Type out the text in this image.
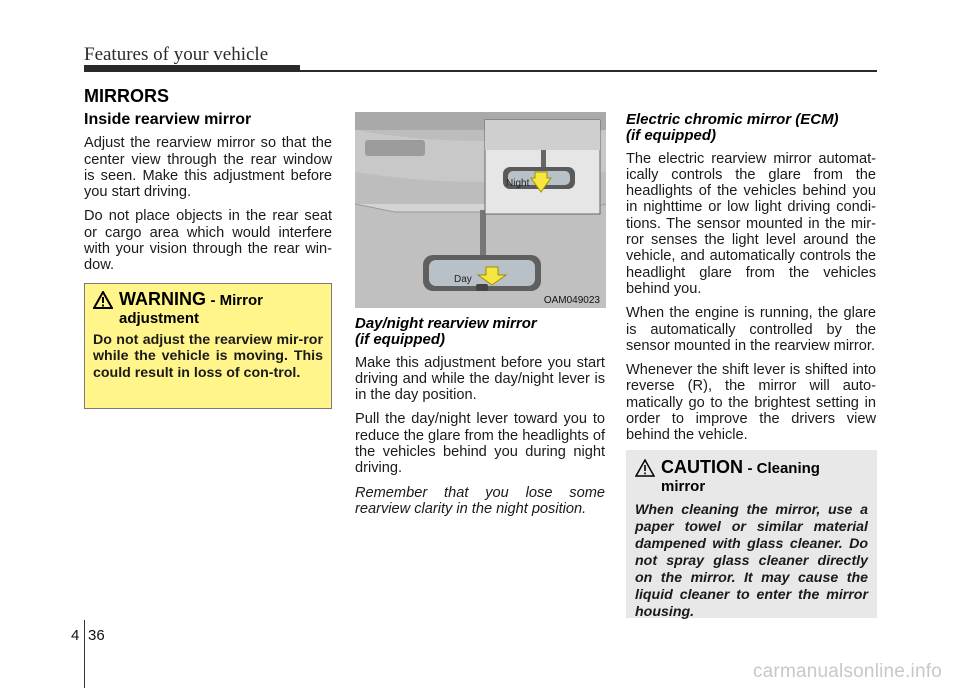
Features of your vehicle
MIRRORS
Inside rearview mirror

Adjust the rearview mirror so that the center view through the rear window is seen. Make this adjustment before you start driving.

Do not place objects in the rear seat or cargo area which would interfere with your vision through the rear win-dow.

WARNING - Mirror adjustment
Do not adjust the rearview mir-ror while the vehicle is moving. This could result in loss of con-trol.
Night
Day
OAM049023
Day/night rearview mirror
(if equipped)

Make this adjustment before you start driving and while the day/night lever is in the day position.

Pull the day/night lever toward you to reduce the glare from the headlights of the vehicles behind you during night driving.

Remember that you lose some rearview clarity in the night position.

Electric chromic mirror (ECM)
(if equipped)

The electric rearview mirror automat-ically controls the glare from the headlights of the vehicles behind you in nighttime or low light driving condi-tions. The sensor mounted in the mir-ror senses the light level around the vehicle, and automatically controls the headlight glare from the vehicles behind you.

When the engine is running, the glare is automatically controlled by the sensor mounted in the rearview mirror.

Whenever the shift lever is shifted into reverse (R), the mirror will auto-matically go to the brightest setting in order to improve the drivers view behind the vehicle.

CAUTION - Cleaning mirror
When cleaning the mirror, use a paper towel or similar material dampened with glass cleaner. Do not spray glass cleaner directly on the mirror. It may cause the liquid cleaner to enter the mirror housing.
4 36
carmanualsonline.info
